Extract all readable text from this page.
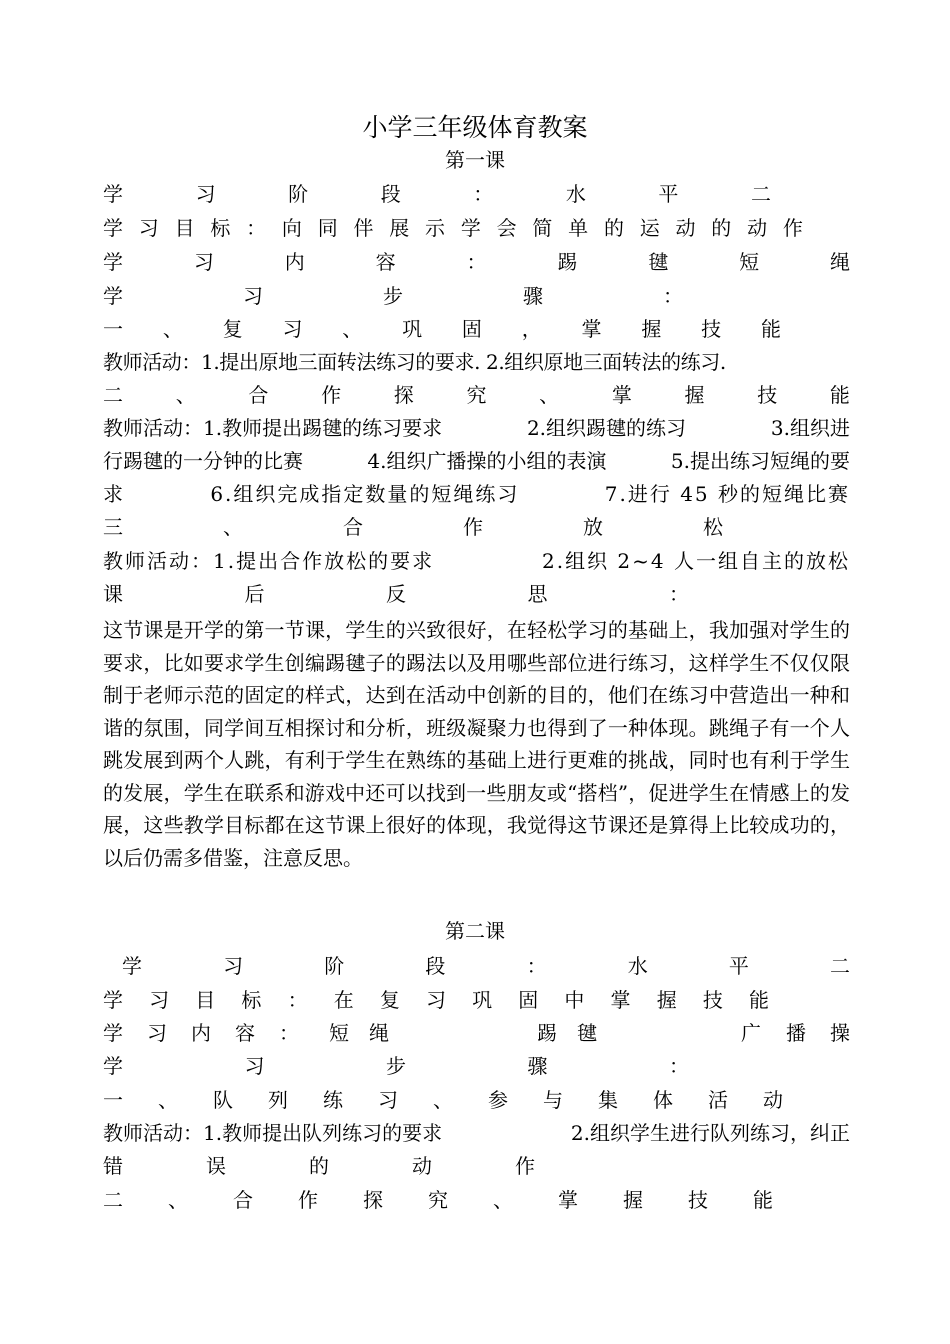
小学三年级体育教案
第一课
学	习	阶	段	：	水	平	二
学 习 目 标 ： 向 同 伴 展 示 学 会 简 单 的 运 动 的 动 作
学	习	内	容	：	踢	毽	短	绳
学	习	步	骤	：
一 、 复 习 、 巩 固 ， 掌 握 技 能
教师活动：1.提出原地三面转法练习的要求. 2.组织原地三面转法的练习.
二	、	合	作	探	究	、	掌	握	技	能
教师活动：1.教师提出踢毽的练习要求	2.组织踢毽的练习	3.组织进
行踢毽的一分钟的比赛	4.组织广播操的小组的表演	5.提出练习短绳的要
求	6.组织完成指定数量的短绳练习	7.进行 45 秒的短绳比赛
三	、	合	作	放	松
教师活动：1.提出合作放松的要求	2.组织 2~4 人一组自主的放松
课	后	反	思	：
这节课是开学的第一节课，学生的兴致很好，在轻松学习的基础上，我加强对学生的要求，比如要求学生创编踢毽子的踢法以及用哪些部位进行练习，这样学生不仅仅限制于老师示范的固定的样式，达到在活动中创新的目的，他们在练习中营造出一种和谐的氛围，同学间互相探讨和分析，班级凝聚力也得到了一种体现。跳绳子有一个人跳发展到两个人跳，有利于学生在熟练的基础上进行更难的挑战，同时也有利于学生的发展，学生在联系和游戏中还可以找到一些朋友或“搭档”，促进学生在情感上的发展，这些教学目标都在这节课上很好的体现，我觉得这节课还是算得上比较成功的，以后仍需多借鉴，注意反思。
第二课
学	习	阶	段	：	水	平	二
学 习 目 标 ： 在 复 习 巩 固 中 掌 握 技 能
学 习 内 容 ： 短 绳	踢 毽	广 播 操
学	习	步	骤	：
一 、 队 列 练 习 、 参 与 集 体 活 动
教师活动：1.教师提出队列练习的要求	2.组织学生进行队列练习，纠正
错	误	的	动	作
二 、 合 作 探 究 、 掌 握 技 能
